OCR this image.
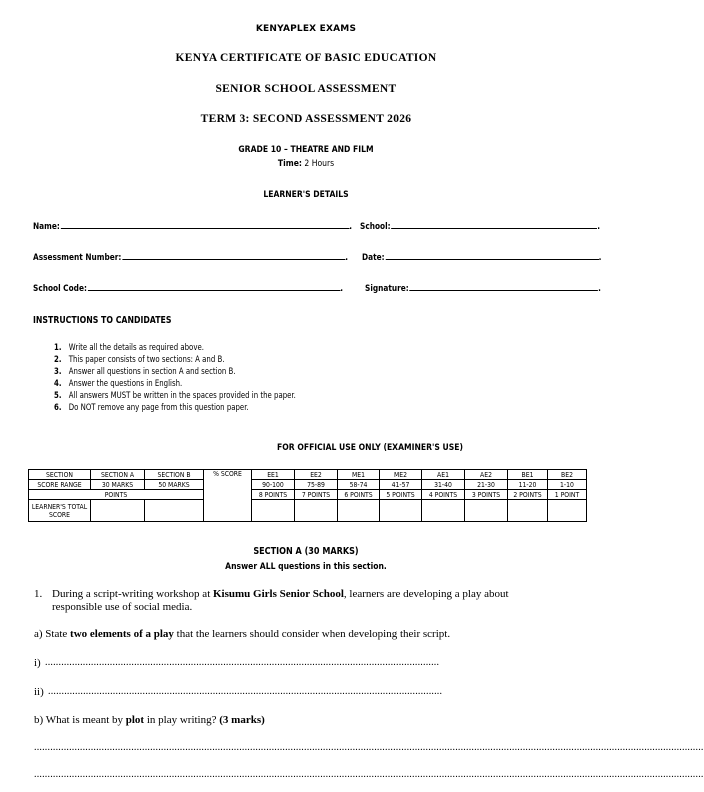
KENYAPLEX EXAMS
KENYA CERTIFICATE OF BASIC EDUCATION
SENIOR SCHOOL ASSESSMENT
TERM 3: SECOND ASSESSMENT 2026
GRADE 10 – THEATRE AND FILM
Time: 2 Hours
LEARNER'S DETAILS
Name:	. School:	.
Assessment Number:	. Date:	.
School Code:	. Signature:	.
INSTRUCTIONS TO CANDIDATES
1. Write all the details as required above.
2. This paper consists of two sections: A and B.
3. Answer all questions in section A and section B.
4. Answer the questions in English.
5. All answers MUST be written in the spaces provided in the paper.
6. Do NOT remove any page from this question paper.
FOR OFFICIAL USE ONLY (EXAMINER'S USE)
SECTION	SECTION A	SECTION B	% SCORE	EE1	EE2	ME1	ME2	AE1	AE2	BE1	BE2
SCORE RANGE	30 MARKS	50 MARKS		90-100	75-89	58-74	41-57	31-40	21-30	11-20	1-10
POINTS				8 POINTS	7 POINTS	6 POINTS	5 POINTS	4 POINTS	3 POINTS	2 POINTS	1 POINT
LEARNER'S TOTAL SCORE											
SECTION A (30 MARKS)
Answer ALL questions in this section.
1. During a script-writing workshop at Kisumu Girls Senior School, learners are developing a play about
responsible use of social media.
a) State two elements of a play that the learners should consider when developing their script.
i) ..................................................................................................................................................
ii) ..................................................................................................................................................
b) What is meant by plot in play writing? (3 marks)
........................................................................................................................................................................................................................................................
........................................................................................................................................................................................................................................................
